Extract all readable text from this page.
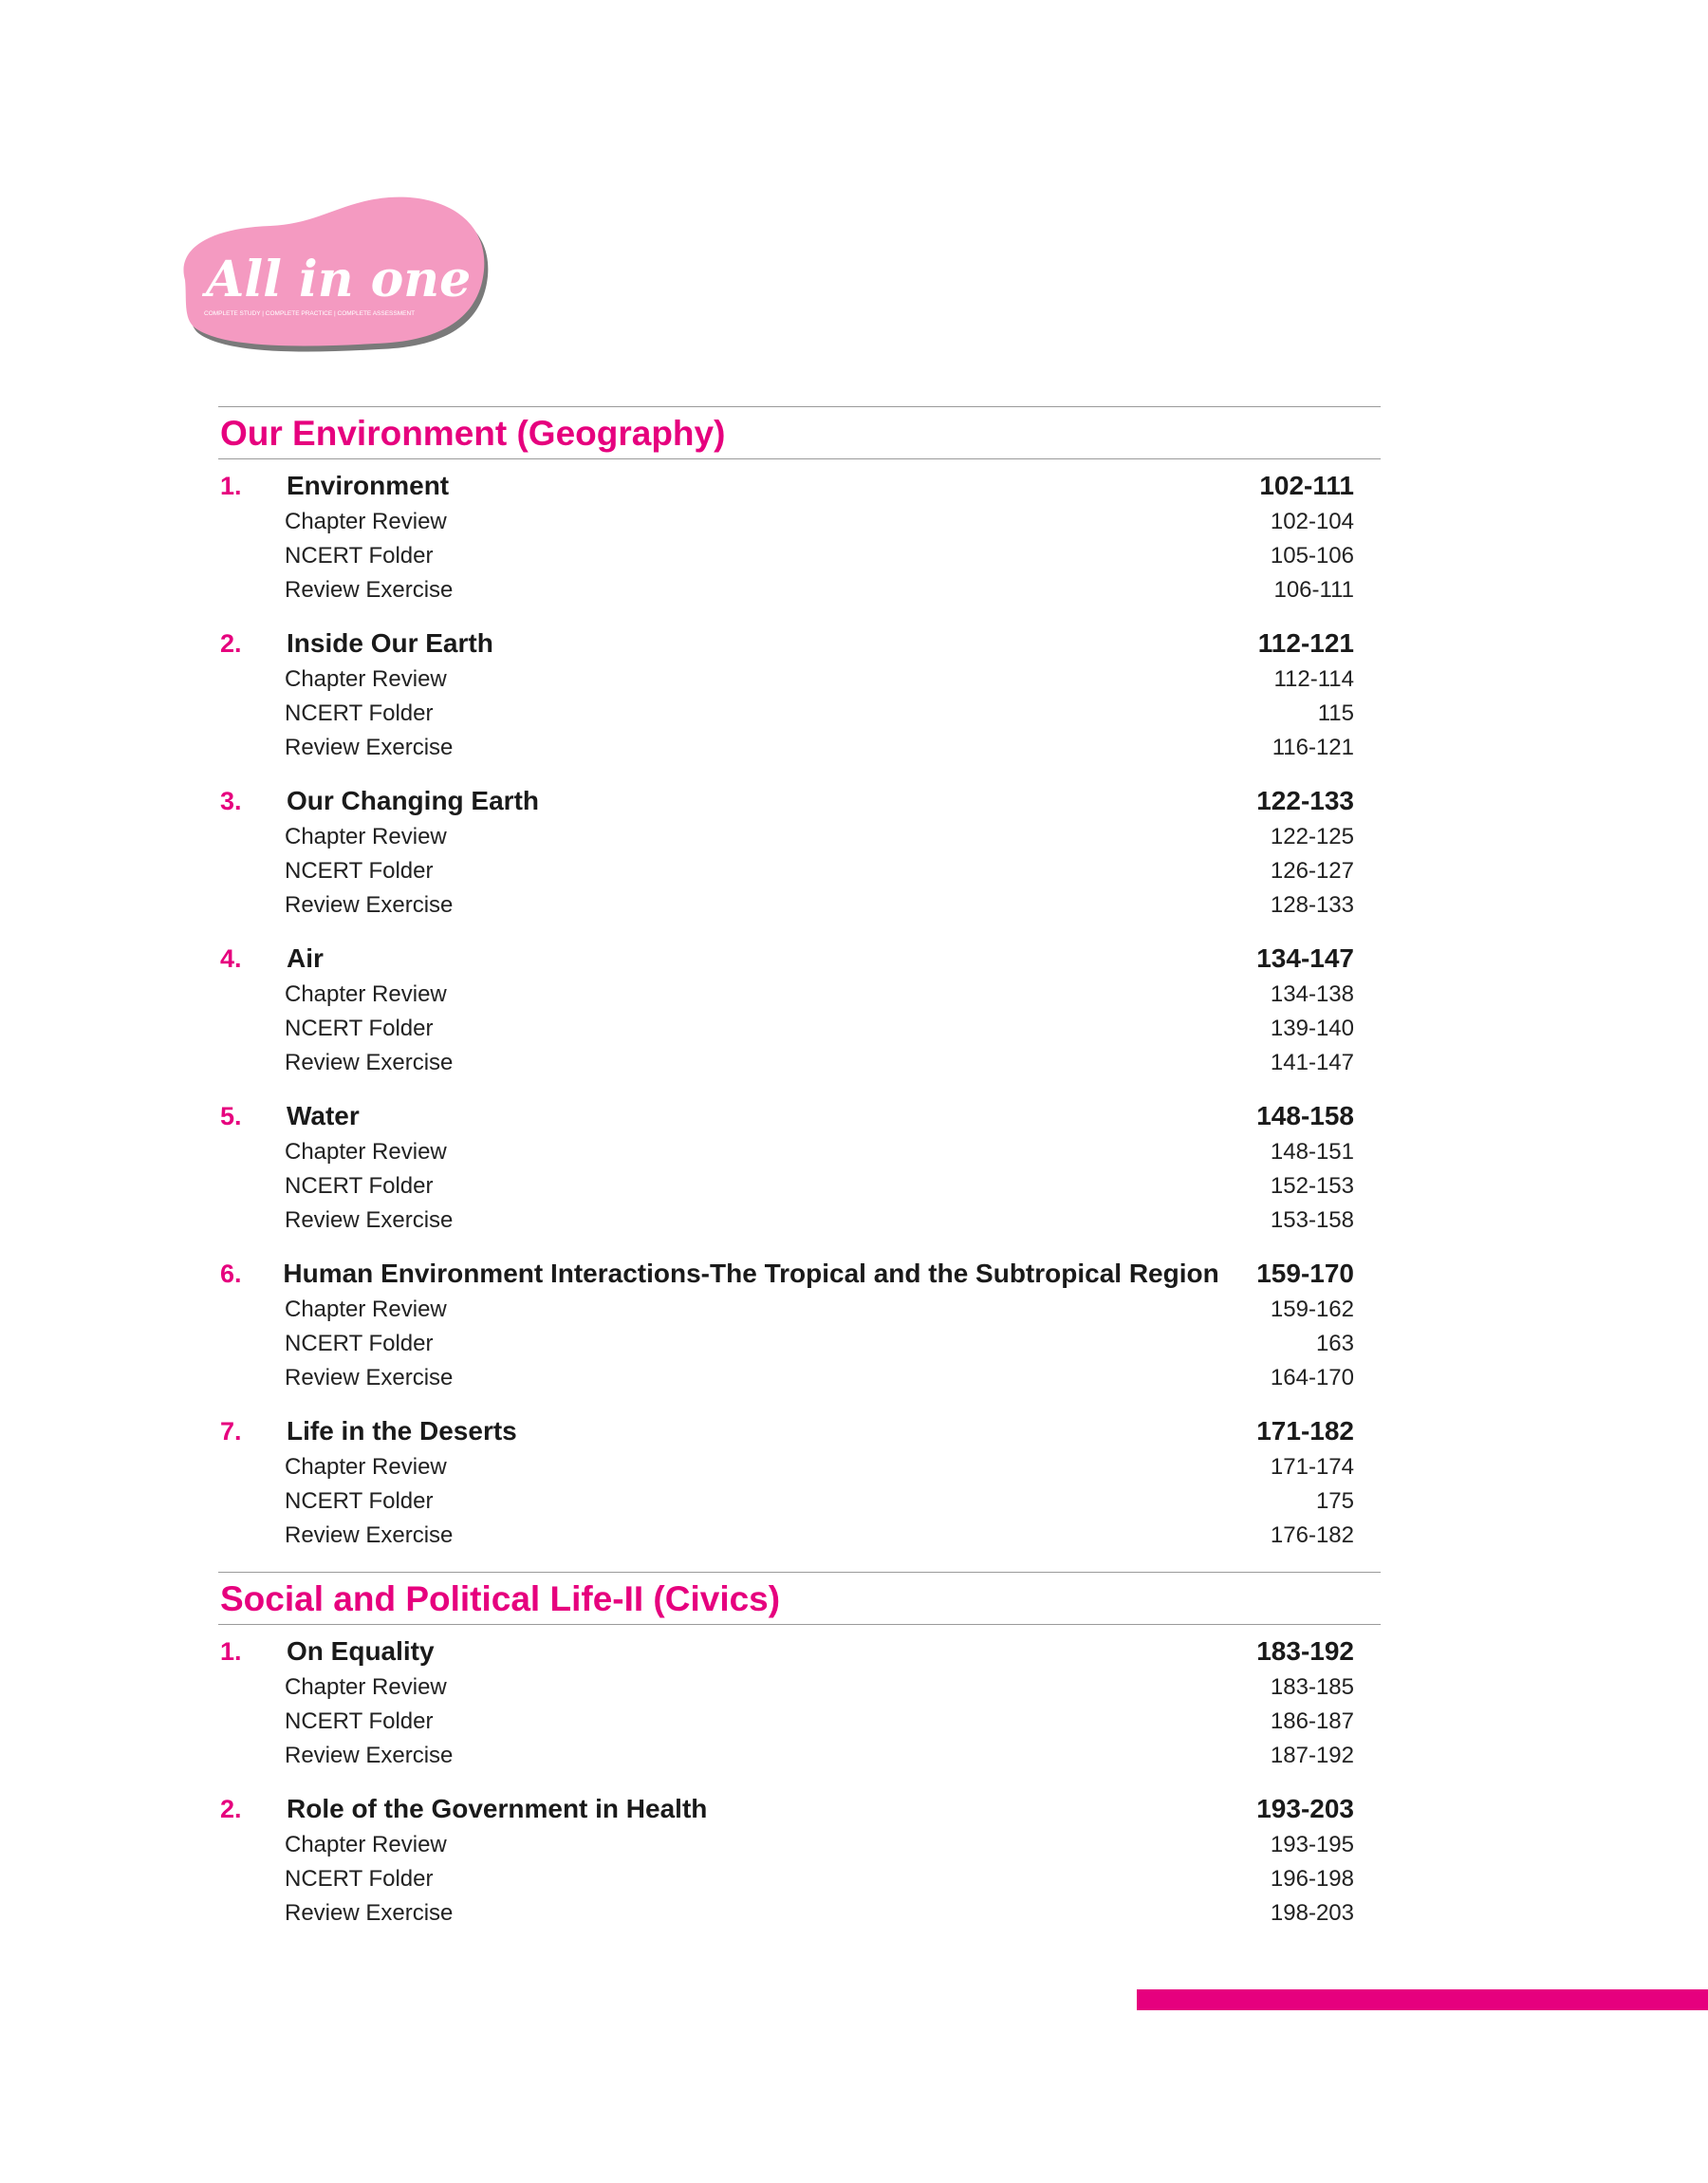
All in one
COMPLETE STUDY | COMPLETE PRACTICE | COMPLETE ASSESSMENT
Our Environment (Geography)
1.	Environment	102-111
Chapter Review	102-104
NCERT Folder	105-106
Review Exercise	106-111
2.	Inside Our Earth	112-121
Chapter Review	112-114
NCERT Folder	115
Review Exercise	116-121
3.	Our Changing Earth	122-133
Chapter Review	122-125
NCERT Folder	126-127
Review Exercise	128-133
4.	Air	134-147
Chapter Review	134-138
NCERT Folder	139-140
Review Exercise	141-147
5.	Water	148-158
Chapter Review	148-151
NCERT Folder	152-153
Review Exercise	153-158
6.	Human Environment Interactions-The Tropical and the Subtropical Region	159-170
Chapter Review	159-162
NCERT Folder	163
Review Exercise	164-170
7.	Life in the Deserts	171-182
Chapter Review	171-174
NCERT Folder	175
Review Exercise	176-182
Social and Political Life-II (Civics)
1.	On Equality	183-192
Chapter Review	183-185
NCERT Folder	186-187
Review Exercise	187-192
2.	Role of the Government in Health	193-203
Chapter Review	193-195
NCERT Folder	196-198
Review Exercise	198-203
